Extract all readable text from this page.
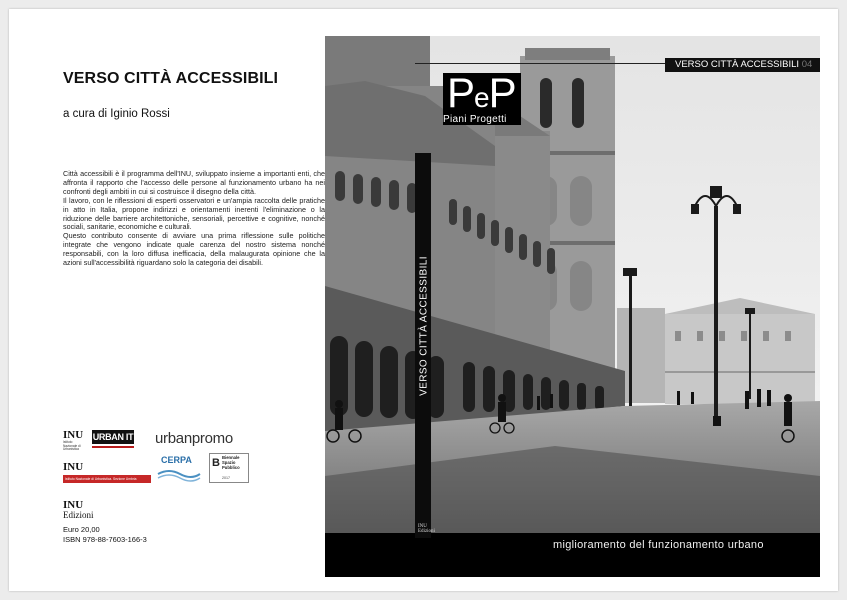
VERSO CITTÀ ACCESSIBILI
a cura di Iginio Rossi

Città accessibili è il programma dell'INU, sviluppato insieme a importanti enti, che affronta il rapporto che l'accesso delle persone al funzionamento urbano ha nei confronti degli ambiti in cui si costruisce il disegno della città.

Il lavoro, con le riflessioni di esperti osservatori e un'ampia raccolta delle pratiche in atto in Italia, propone indirizzi e orientamenti inerenti l'eliminazione o la riduzione delle barriere architettoniche, sensoriali, percettive e cognitive, nonché sociali, sanitarie, economiche e culturali.

Questo contributo consente di avviare una prima riflessione sulle politiche integrate che vengono indicate quale carenza del nostro sistema nonché responsabili, con la loro diffusa inefficacia, della malaugurata opinione che la azioni sull'accessibilità riguardano solo la categoria dei disabili.

INU
Istituto Nazionale di Urbanistica
URBAN IT urbanpromo
INU
Istituto Nazionale di Urbanistica. Sezione Umbria
CERPA B Biennale Spazio Pubblico
2017
INU
Edizioni
Euro 20,00
ISBN 978-88-7603-166-3
VERSO CITTÀ ACCESSIBILI 04
PeP
Piani Progetti
VERSO CITTÀ ACCESSIBILI
INU
Edizioni
miglioramento del funzionamento urbano
